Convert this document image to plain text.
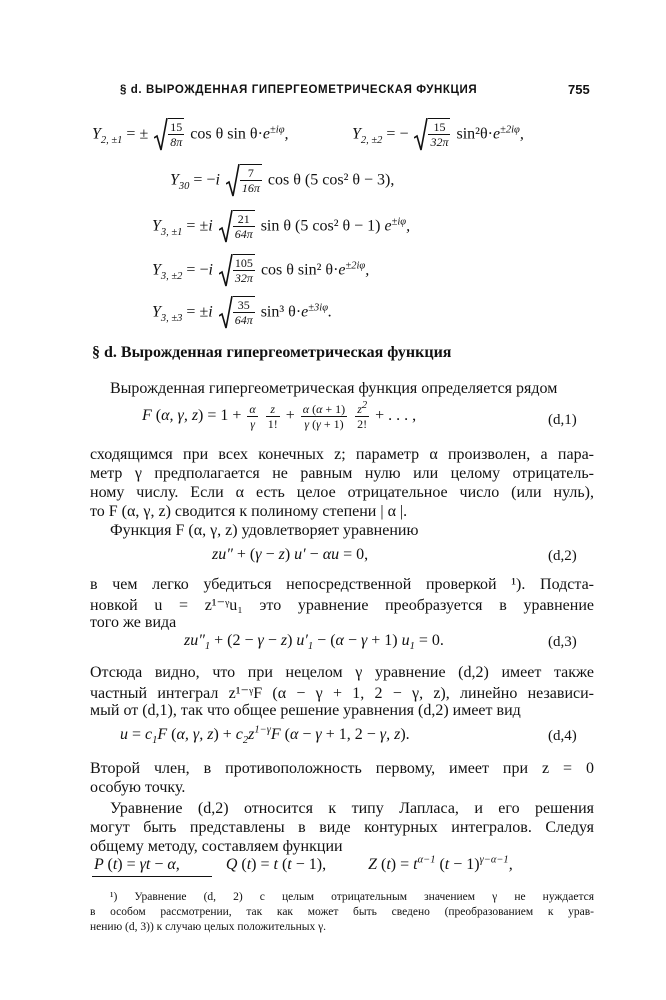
§ d. ВЫРОЖДЕННАЯ ГИПЕРГЕОМЕТРИЧЕСКАЯ ФУНКЦИЯ	755
$Y_{2, \pm 1}$ = ± $\frac{15}{8\pi}$ cos θ $\sin \theta\cdot e^{\pm i\varphi}$,	$Y_{2, \pm 2}$ = − $\frac{15}{32\pi} \sin^2\theta\cdot e^{\pm 2i\varphi}$,
$Y_{30} = -i \frac{7}{16\pi}$ cos θ (5 cos² θ − 3),
$Y_{3, \pm 1} = \pm i \frac{21}{64\pi}$ sin θ (5 cos² θ − 1) $e^{\pm i\varphi}$,
$Y_{3, \pm 2} = -i \frac{105}{32\pi}$ cos θ sin² $\theta\cdot e^{\pm 2i\varphi}$,
$Y_{3, \pm 3} = \pm i \frac{35}{64\pi} \sin^3$ $\theta\cdot e^{\pm 3i\varphi}$.
§ d. Вырожденная гипергеометрическая функция
Вырожденная гипергеометрическая функция определяется рядом
F (α, γ, $z) = 1 + \frac{\alpha}{\gamma}$
$\frac{z}{1!} + \frac{\alpha (\alpha + 1)}{\gamma (\gamma + 1)}$
$\frac{z^2}{2!}$ + . . . ,	(d,1)
сходящимся при всех конечных z; параметр α произволен, а пара-
метр γ предполагается не равным нулю или целому отрицатель-
ному числу. Если α есть целое отрицательное число (или нуль),
то F (α, γ, z) сводится к полиному степени | α |.
Функция F (α, γ, z) удовлетворяет уравнению
zu″ + (γ − z) u′ − αu = 0,	(d,2)
в чем легко убедиться непосредственной проверкой ¹). Подста-
новкой u = z¹⁻ᵞu₁ это уравнение преобразуется в уравнение
того же вида
$zu''_1 + (2 - \gamma - z) u'_1 - (\alpha - \gamma + 1) u_1 = 0$.	(d,3)
Отсюда видно, что при нецелом γ уравнение (d,2) имеет также
частный интеграл z¹⁻ᵞF (α − γ + 1, 2 − γ, z), линейно независи-
мый от (d,1), так что общее решение уравнения (d,2) имеет вид
$u = c_1F$ (α, γ, $z) + c_2z^{1-\gamma}F$ (α − γ + 1, 2 − γ, z).	(d,4)
Второй член, в противоположность первому, имеет при z = 0
особую точку.
Уравнение (d,2) относится к типу Лапласа, и его решения
могут быть представлены в виде контурных интегралов. Следуя
общему методу, составляем функции
P (t) = γt − α,  Q (t) = t (t − 1),  Z $(t) = t^{\alpha-1}$ $(t - 1)^{\gamma-\alpha-1}$,
¹) Уравнение (d, 2) с целым отрицательным значением γ не нуждается
в особом рассмотрении, так как может быть сведено (преобразованием к урав-
нению (d, 3)) к случаю целых положительных γ.
